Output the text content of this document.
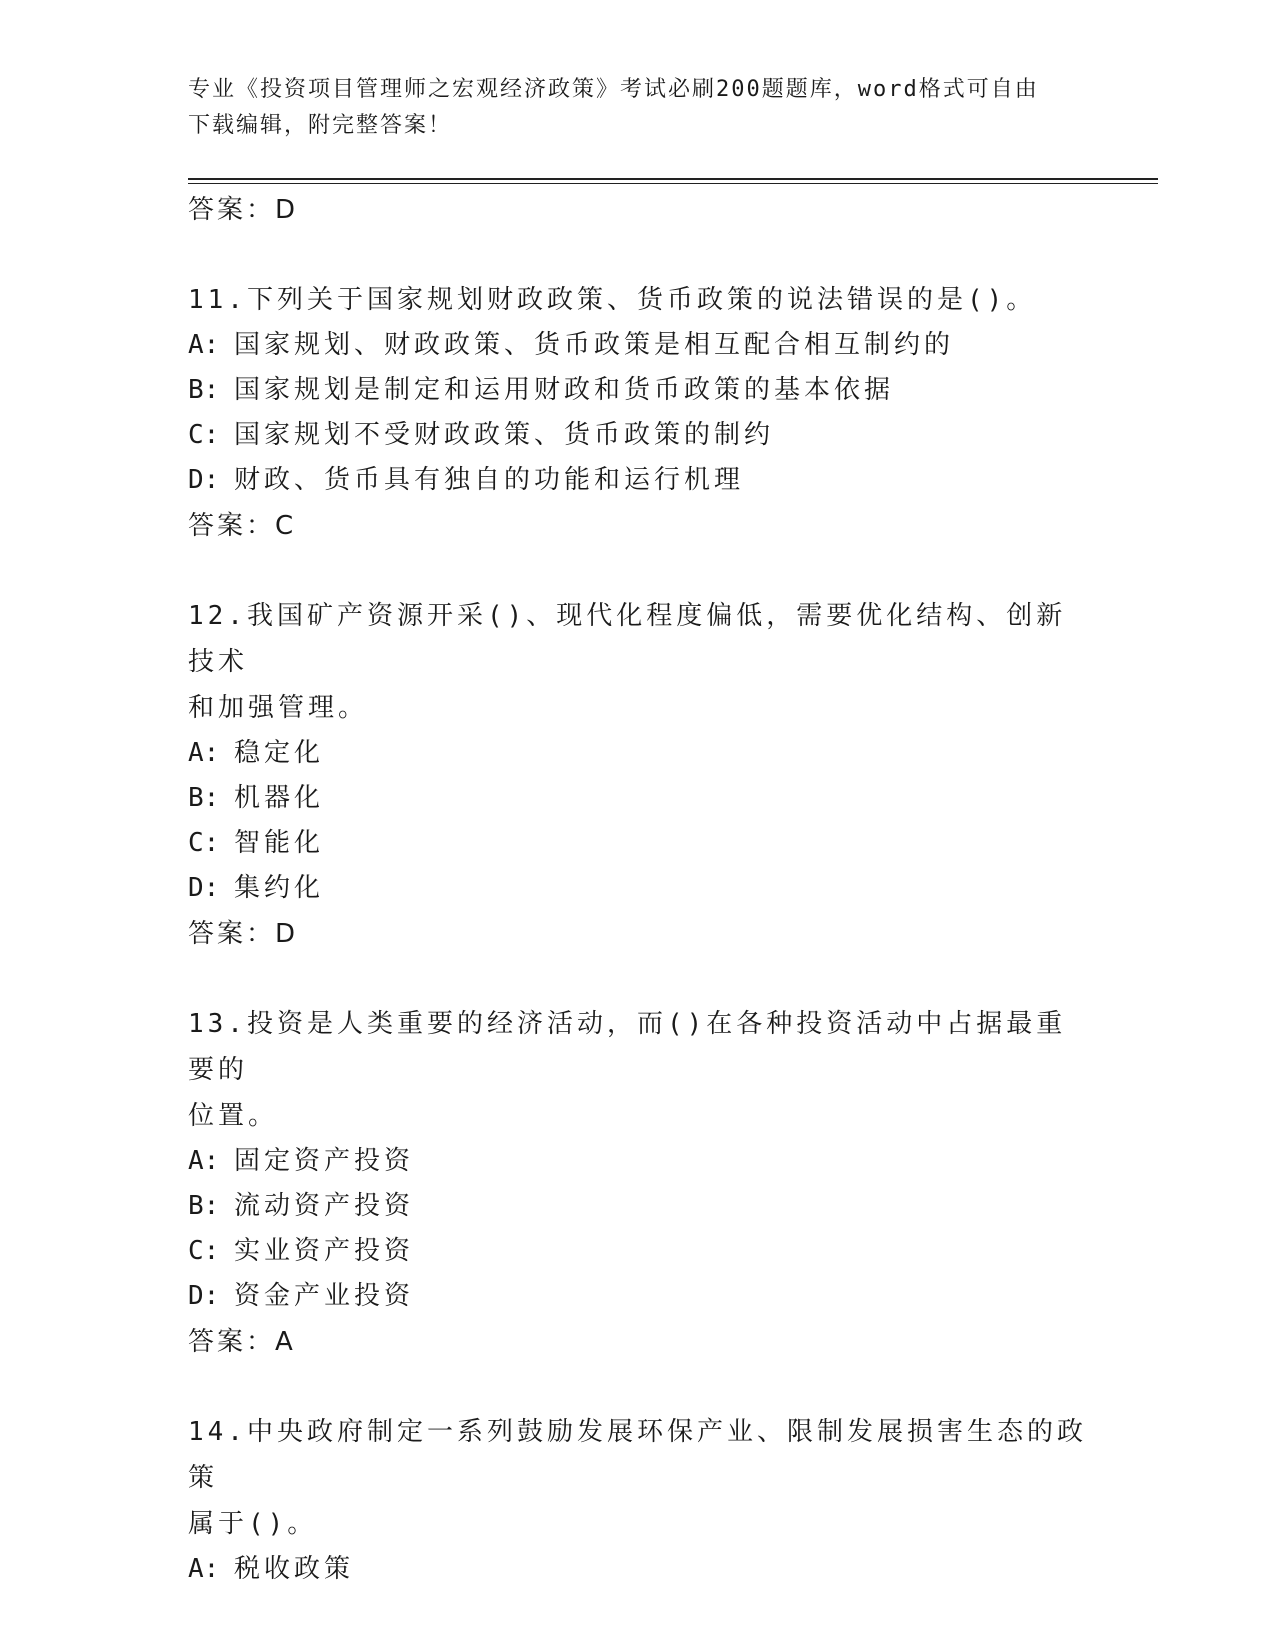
专业《投资项目管理师之宏观经济政策》考试必刷200题题库，word格式可自由
下载编辑，附完整答案！
答案：D
11.下列关于国家规划财政政策、货币政策的说法错误的是()。
A: 国家规划、财政政策、货币政策是相互配合相互制约的
B: 国家规划是制定和运用财政和货币政策的基本依据
C: 国家规划不受财政政策、货币政策的制约
D: 财政、货币具有独自的功能和运行机理
答案：C
12.我国矿产资源开采()、现代化程度偏低，需要优化结构、创新技术
和加强管理。
A: 稳定化
B: 机器化
C: 智能化
D: 集约化
答案：D
13.投资是人类重要的经济活动，而()在各种投资活动中占据最重要的
位置。
A: 固定资产投资
B: 流动资产投资
C: 实业资产投资
D: 资金产业投资
答案：A
14.中央政府制定一系列鼓励发展环保产业、限制发展损害生态的政策
属于()。
A: 税收政策
